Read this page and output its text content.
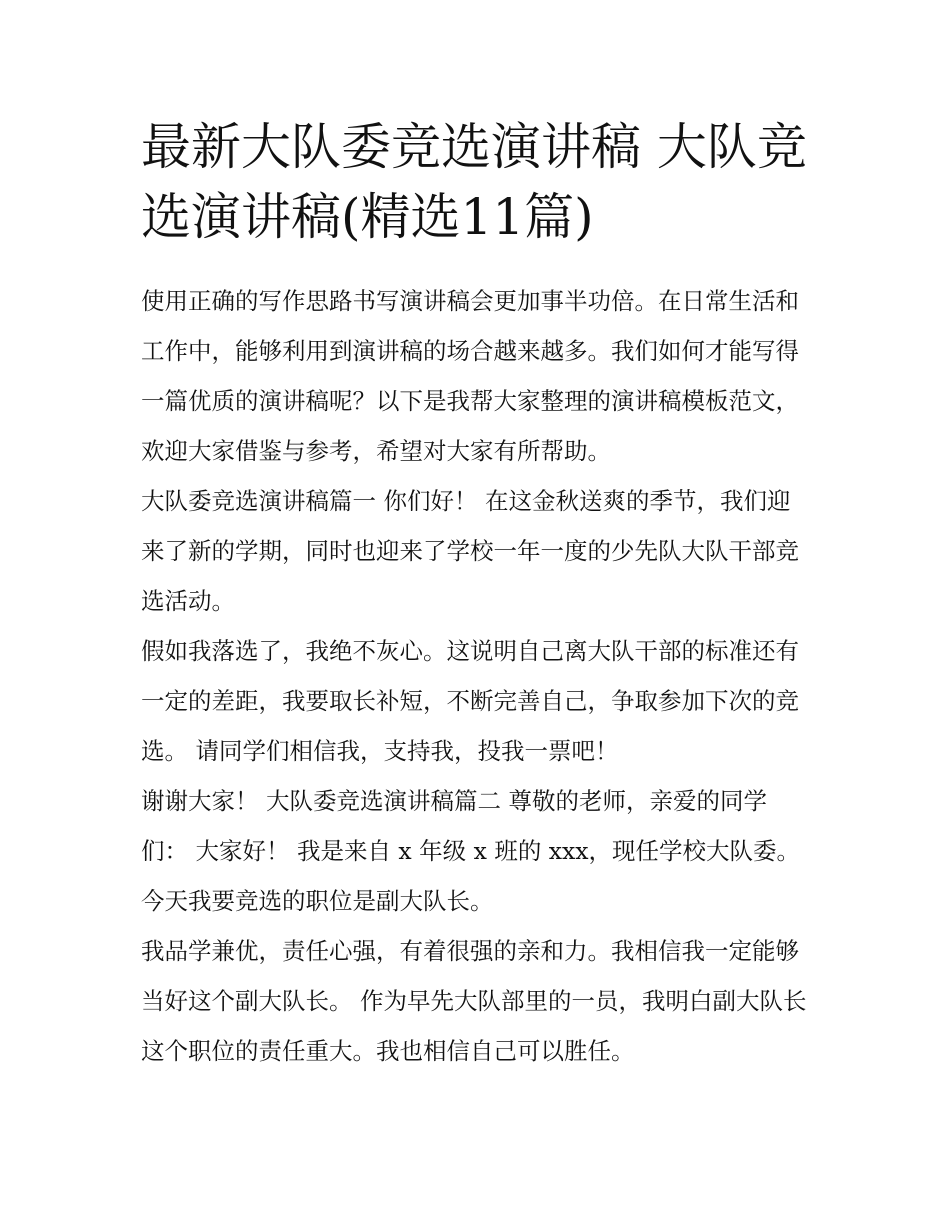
最新大队委竞选演讲稿 大队竞选演讲稿(精选11篇)

使用正确的写作思路书写演讲稿会更加事半功倍。在日常生活和工作中，能够利用到演讲稿的场合越来越多。我们如何才能写得一篇优质的演讲稿呢？以下是我帮大家整理的演讲稿模板范文，欢迎大家借鉴与参考，希望对大家有所帮助。

大队委竞选演讲稿篇一 你们好！ 在这金秋送爽的季节，我们迎来了新的学期，同时也迎来了学校一年一度的少先队大队干部竞选活动。

假如我落选了，我绝不灰心。这说明自己离大队干部的标准还有一定的差距，我要取长补短，不断完善自己，争取参加下次的竞选。 请同学们相信我，支持我，投我一票吧！

谢谢大家！ 大队委竞选演讲稿篇二 尊敬的老师，亲爱的同学们： 大家好！ 我是来自 x 年级 x 班的 xxx，现任学校大队委。今天我要竞选的职位是副大队长。

我品学兼优，责任心强，有着很强的亲和力。我相信我一定能够当好这个副大队长。 作为早先大队部里的一员，我明白副大队长这个职位的责任重大。我也相信自己可以胜任。
